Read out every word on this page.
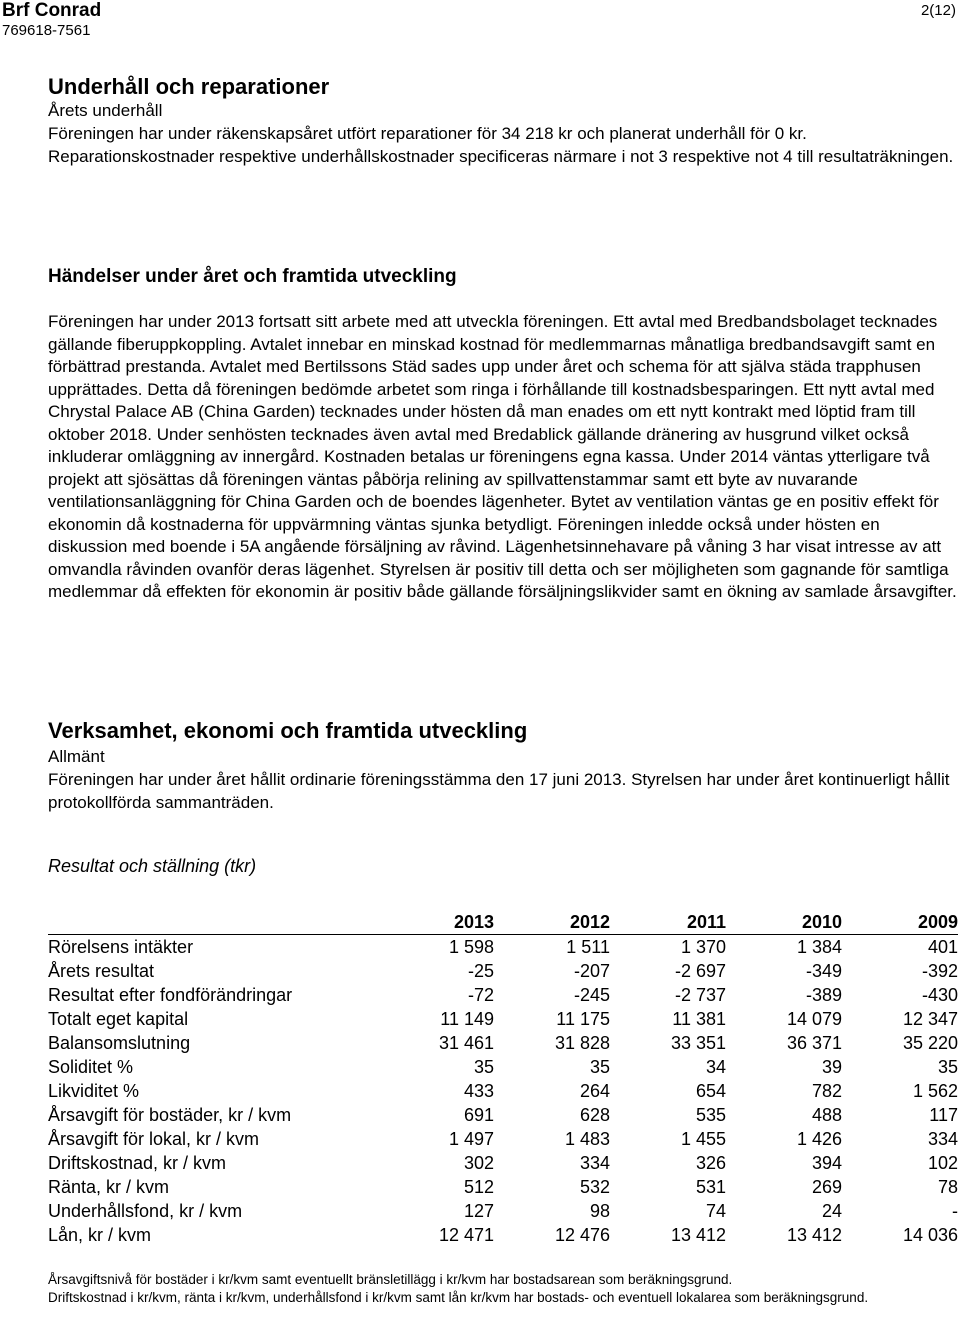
Brf Conrad
769618-7561
2(12)
Underhåll och reparationer
Årets underhåll

Föreningen har under räkenskapsåret utfört reparationer för 34 218 kr och planerat underhåll för 0 kr. Reparationskostnader respektive underhållskostnader specificeras närmare i not 3 respektive not 4 till resultaträkningen.

Händelser under året och framtida utveckling

Föreningen har under 2013 fortsatt sitt arbete med att utveckla föreningen. Ett avtal med Bredbandsbolaget tecknades gällande fiberuppkoppling. Avtalet innebar en minskad kostnad för medlemmarnas månatliga bredbandsavgift samt en förbättrad prestanda. Avtalet med Bertilssons Städ sades upp under året och schema för att själva städa trapphusen upprättades. Detta då föreningen bedömde arbetet som ringa i förhållande till kostnadsbesparingen. Ett nytt avtal med Chrystal Palace AB (China Garden) tecknades under hösten då man enades om ett nytt kontrakt med löptid fram till oktober 2018. Under senhösten tecknades även avtal med Bredablick gällande dränering av husgrund vilket också inkluderar omläggning av innergård. Kostnaden betalas ur föreningens egna kassa. Under 2014 väntas ytterligare två projekt att sjösättas då föreningen väntas påbörja relining av spillvattenstammar samt ett byte av nuvarande ventilationsanläggning för China Garden och de boendes lägenheter. Bytet av ventilation väntas ge en positiv effekt för ekonomin då kostnaderna för uppvärmning väntas sjunka betydligt. Föreningen inledde också under hösten en diskussion med boende i 5A angående försäljning av råvind. Lägenhetsinnehavare på våning 3 har visat intresse av att omvandla råvinden ovanför deras lägenhet. Styrelsen är positiv till detta och ser möjligheten som gagnande för samtliga medlemmar då effekten för ekonomin är positiv både gällande försäljningslikvider samt en ökning av samlade årsavgifter.

Verksamhet, ekonomi och framtida utveckling
Allmänt

Föreningen har under året hållit ordinarie föreningsstämma den 17 juni 2013. Styrelsen har under året kontinuerligt hållit protokollförda sammanträden.

Resultat och ställning (tkr)

	2013	2012	2011	2010	2009
Rörelsens intäkter	1 598	1 511	1 370	1 384	401
Årets resultat	-25	-207	-2 697	-349	-392
Resultat efter fondförändringar	-72	-245	-2 737	-389	-430
Totalt eget kapital	11 149	11 175	11 381	14 079	12 347
Balansomslutning	31 461	31 828	33 351	36 371	35 220
Soliditet %	35	35	34	39	35
Likviditet %	433	264	654	782	1 562
Årsavgift för bostäder, kr / kvm	691	628	535	488	117
Årsavgift för lokal, kr / kvm	1 497	1 483	1 455	1 426	334
Driftskostnad, kr / kvm	302	334	326	394	102
Ränta, kr / kvm	512	532	531	269	78
Underhållsfond, kr / kvm	127	98	74	24	-
Lån, kr / kvm	12 471	12 476	13 412	13 412	14 036
Årsavgiftsnivå för bostäder i kr/kvm samt eventuellt bränsletillägg i kr/kvm har bostadsarean som beräkningsgrund.
Driftskostnad i kr/kvm, ränta i kr/kvm, underhållsfond i kr/kvm samt lån kr/kvm har bostads- och eventuell lokalarea som beräkningsgrund.
